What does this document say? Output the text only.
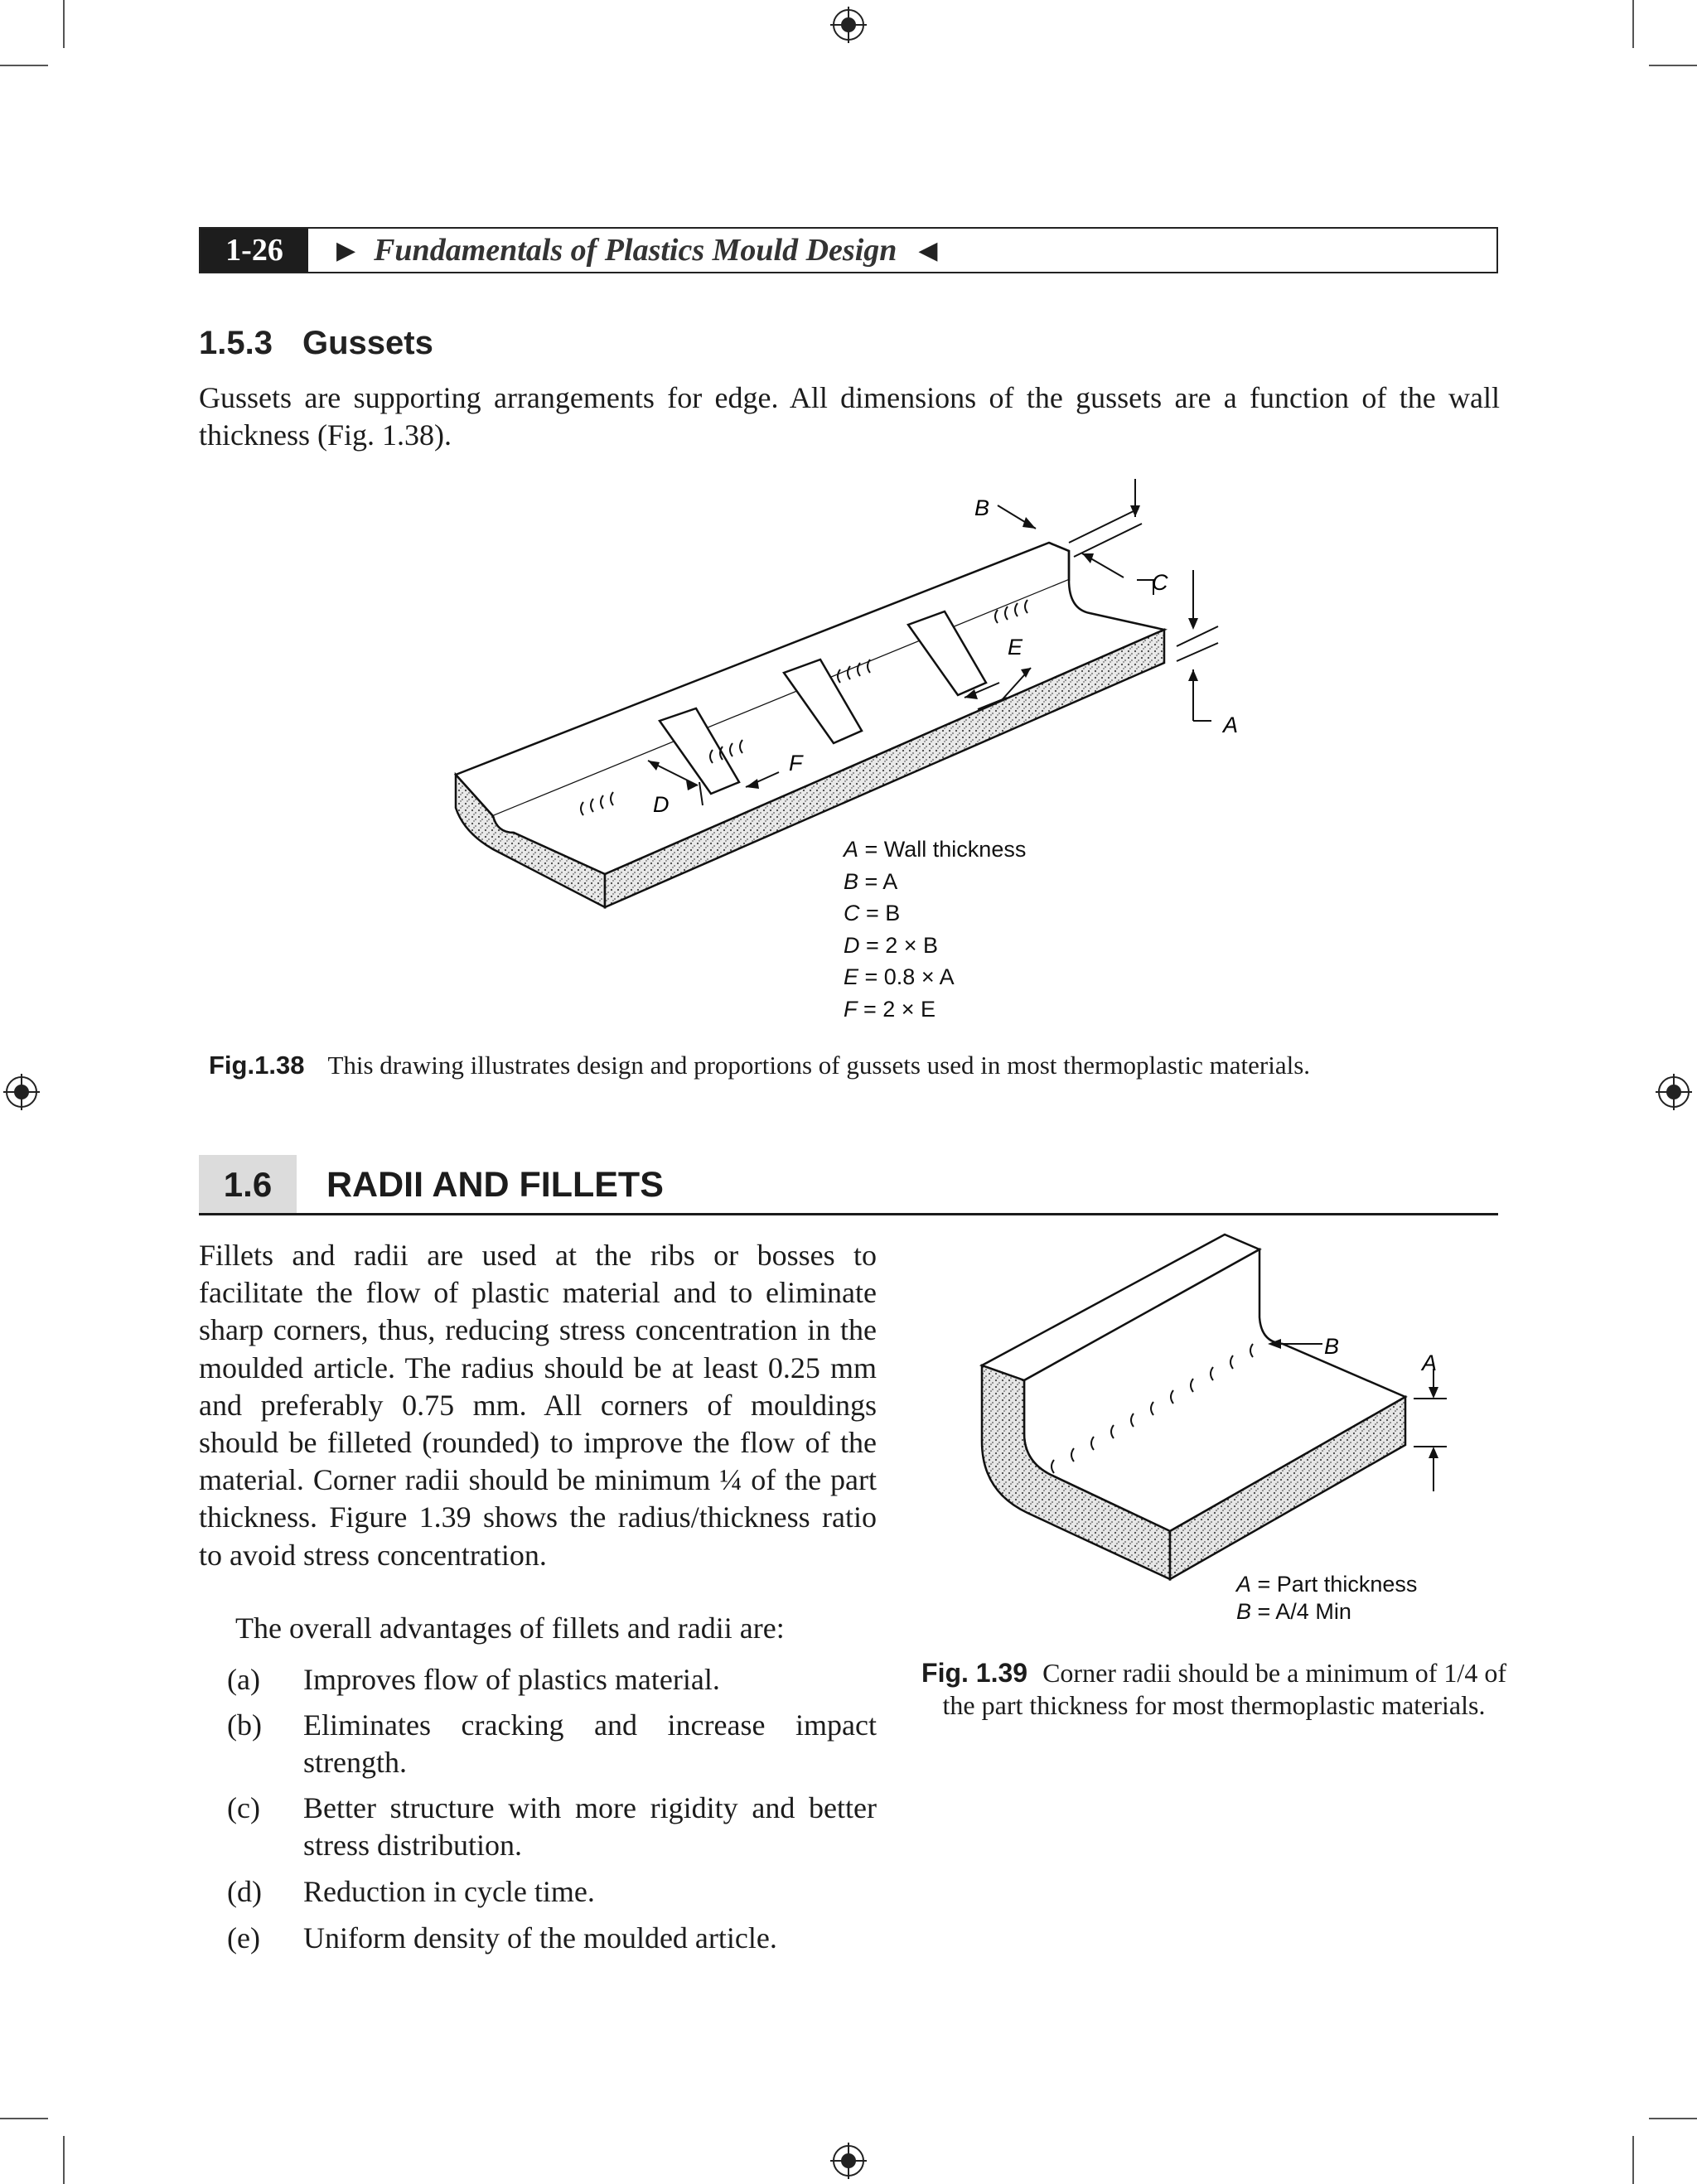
1-26	▶ Fundamentals of Plastics Mould Design ◀
1.5.3 Gussets
Gussets are supporting arrangements for edge. All dimensions of the gussets are a function of the wall thickness (Fig. 1.38).
B
C
E
A
F
D
A = Wall thickness
B = A
C = B
D = 2 × B
E = 0.8 × A
F = 2 × E
Fig.1.38 This drawing illustrates design and proportions of gussets used in most thermoplastic materials.
1.6	RADII AND FILLETS
Fillets and radii are used at the ribs or bosses to facilitate the flow of plastic material and to eliminate sharp corners, thus, reducing stress concentration in the moulded article. The radius should be at least 0.25 mm and preferably 0.75 mm. All corners of mouldings should be filleted (rounded) to improve the flow of the material. Corner radii should be minimum ¼ of the part thickness. Figure 1.39 shows the radius/thickness ratio to avoid stress concentration.
The overall advantages of fillets and radii are:
(a)	Improves flow of plastics material.
(b)	Eliminates cracking and increase impact strength.
(c)	Better structure with more rigidity and better stress distribution.
(d)	Reduction in cycle time.
(e)	Uniform density of the moulded article.
B
A
A = Part thickness
B = A/4 Min
Fig. 1.39 Corner radii should be a minimum of 1/4 of the part thickness for most thermoplastic materials.
